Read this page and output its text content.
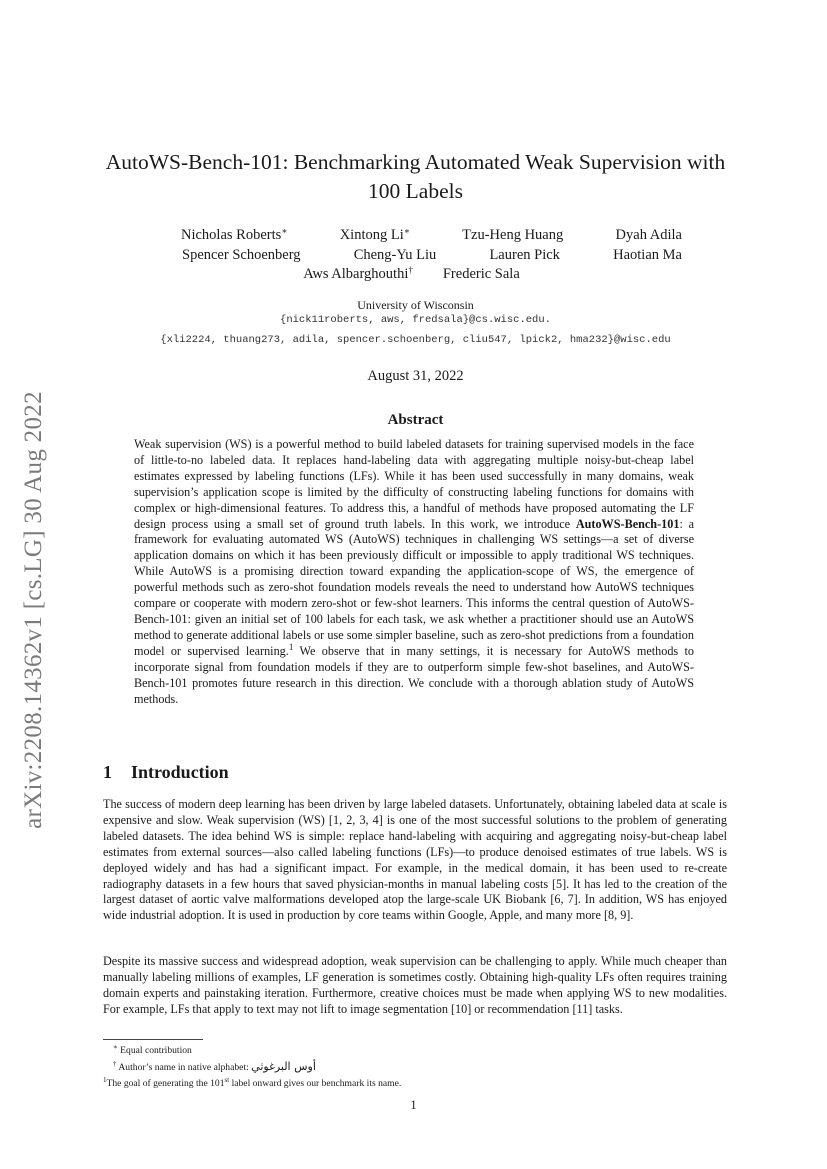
arXiv:2208.14362v1 [cs.LG] 30 Aug 2022
AutoWS-Bench-101: Benchmarking Automated Weak Supervision with 100 Labels
Nicholas Roberts∗	Xintong Li∗	Tzu-Heng Huang	Dyah Adila
Spencer Schoenberg	Cheng-Yu Liu	Lauren Pick	Haotian Ma
Aws Albarghouthi† Frederic Sala
University of Wisconsin
{nick11roberts, aws, fredsala}@cs.wisc.edu.
{xli2224, thuang273, adila, spencer.schoenberg, cliu547, lpick2, hma232}@wisc.edu
August 31, 2022
Abstract

Weak supervision (WS) is a powerful method to build labeled datasets for training supervised models in the face of little-to-no labeled data. It replaces hand-labeling data with aggregating multiple noisy-but-cheap label estimates expressed by labeling functions (LFs). While it has been used successfully in many domains, weak supervision’s application scope is limited by the difficulty of constructing labeling functions for domains with complex or high-dimensional features. To address this, a handful of methods have proposed automating the LF design process using a small set of ground truth labels. In this work, we introduce AutoWS-Bench-101: a framework for evaluating automated WS (AutoWS) techniques in challenging WS settings—a set of diverse application domains on which it has been previously difficult or impossible to apply traditional WS techniques. While AutoWS is a promising direction toward expanding the application-scope of WS, the emergence of powerful methods such as zero-shot foundation models reveals the need to understand how AutoWS techniques compare or cooperate with modern zero-shot or few-shot learners. This informs the central question of AutoWS-Bench-101: given an initial set of 100 labels for each task, we ask whether a practitioner should use an AutoWS method to generate additional labels or use some simpler baseline, such as zero-shot predictions from a foundation model or supervised learning.$^1$ We observe that in many settings, it is necessary for AutoWS methods to incorporate signal from foundation models if they are to outperform simple few-shot baselines, and AutoWS-Bench-101 promotes future research in this direction. We conclude with a thorough ablation study of AutoWS methods.

1 Introduction

The success of modern deep learning has been driven by large labeled datasets. Unfortunately, obtaining labeled data at scale is expensive and slow. Weak supervision (WS) [1, 2, 3, 4] is one of the most successful solutions to the problem of generating labeled datasets. The idea behind WS is simple: replace hand-labeling with acquiring and aggregating noisy-but-cheap label estimates from external sources—also called labeling functions (LFs)—to produce denoised estimates of true labels. WS is deployed widely and has had a significant impact. For example, in the medical domain, it has been used to re-create radiography datasets in a few hours that saved physician-months in manual labeling costs [5]. It has led to the creation of the largest dataset of aortic valve malformations developed atop the large-scale UK Biobank [6, 7]. In addition, WS has enjoyed wide industrial adoption. It is used in production by core teams within Google, Apple, and many more [8, 9].

Despite its massive success and widespread adoption, weak supervision can be challenging to apply. While much cheaper than manually labeling millions of examples, LF generation is sometimes costly. Obtaining high-quality LFs often requires training domain experts and painstaking iteration. Furthermore, creative choices must be made when applying WS to new modalities. For example, LFs that apply to text may not lift to image segmentation [10] or recommendation [11] tasks.

∗ Equal contribution
† Author’s name in native alphabet: أوس البرغوثي
$^1$The goal of generating the 101st label onward gives our benchmark its name.
1
